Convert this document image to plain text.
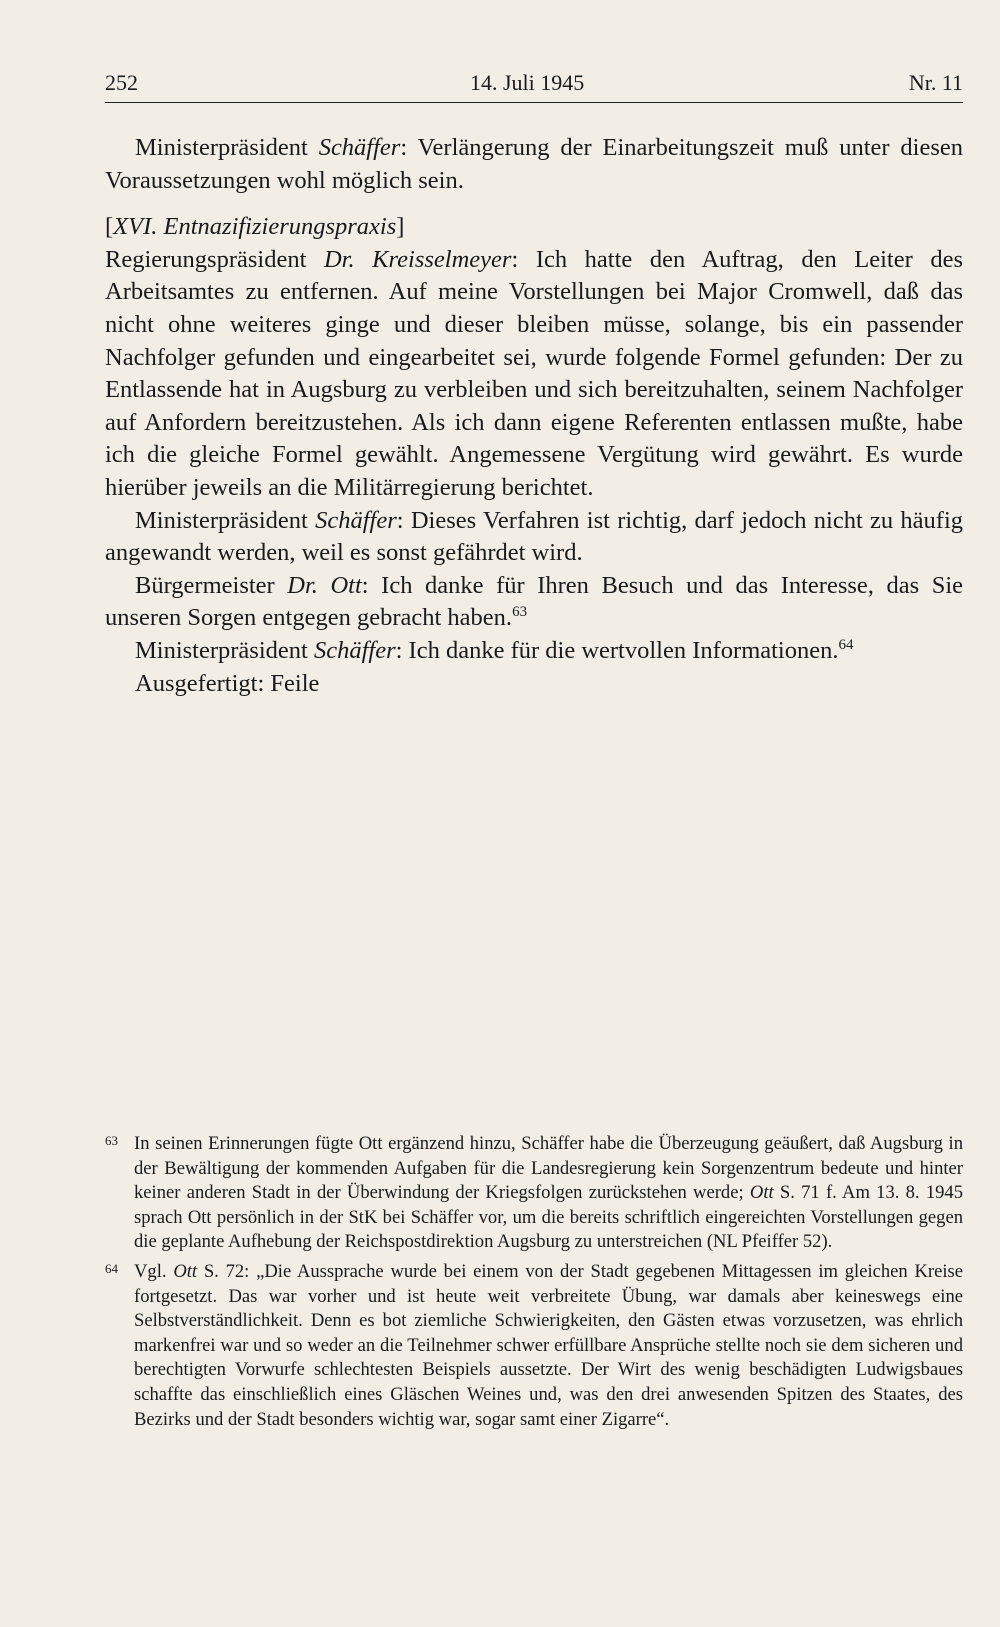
252	14. Juli 1945	Nr. 11

Ministerpräsident Schäffer: Verlängerung der Einarbeitungszeit muß unter diesen Voraussetzungen wohl möglich sein.

[XVI. Entnazifizierungspraxis]

Regierungspräsident Dr. Kreisselmeyer: Ich hatte den Auftrag, den Leiter des Arbeitsamtes zu entfernen. Auf meine Vorstellungen bei Major Cromwell, daß das nicht ohne weiteres ginge und dieser bleiben müsse, solange, bis ein passender Nachfolger gefunden und eingearbeitet sei, wurde folgende Formel gefunden: Der zu Entlassende hat in Augsburg zu verbleiben und sich bereitzuhalten, seinem Nachfolger auf Anfordern bereitzustehen. Als ich dann eigene Referenten entlassen mußte, habe ich die gleiche Formel gewählt. Angemessene Vergütung wird gewährt. Es wurde hierüber jeweils an die Militärregierung berichtet.

Ministerpräsident Schäffer: Dieses Verfahren ist richtig, darf jedoch nicht zu häufig angewandt werden, weil es sonst gefährdet wird.

Bürgermeister Dr. Ott: Ich danke für Ihren Besuch und das Interesse, das Sie unseren Sorgen entgegen gebracht haben.$^{63}$

Ministerpräsident Schäffer: Ich danke für die wertvollen Informationen.$^{64}$

Ausgefertigt: Feile

63 In seinen Erinnerungen fügte Ott ergänzend hinzu, Schäffer habe die Überzeugung geäußert, daß Augsburg in der Bewältigung der kommenden Aufgaben für die Landesregierung kein Sorgenzentrum bedeute und hinter keiner anderen Stadt in der Überwindung der Kriegsfolgen zurückstehen werde; Ott S. 71 f. Am 13. 8. 1945 sprach Ott persönlich in der StK bei Schäffer vor, um die bereits schriftlich eingereichten Vorstellungen gegen die geplante Aufhebung der Reichspostdirektion Augsburg zu unterstreichen (NL Pfeiffer 52).
64 Vgl. Ott S. 72: „Die Aussprache wurde bei einem von der Stadt gegebenen Mittagessen im gleichen Kreise fortgesetzt. Das war vorher und ist heute weit verbreitete Übung, war damals aber keineswegs eine Selbstverständlichkeit. Denn es bot ziemliche Schwierigkeiten, den Gästen etwas vorzusetzen, was ehrlich markenfrei war und so weder an die Teilnehmer schwer erfüllbare Ansprüche stellte noch sie dem sicheren und berechtigten Vorwurfe schlechtesten Beispiels aussetzte. Der Wirt des wenig beschädigten Ludwigsbaues schaffte das einschließlich eines Gläschen Weines und, was den drei anwesenden Spitzen des Staates, des Bezirks und der Stadt besonders wichtig war, sogar samt einer Zigarre“.
